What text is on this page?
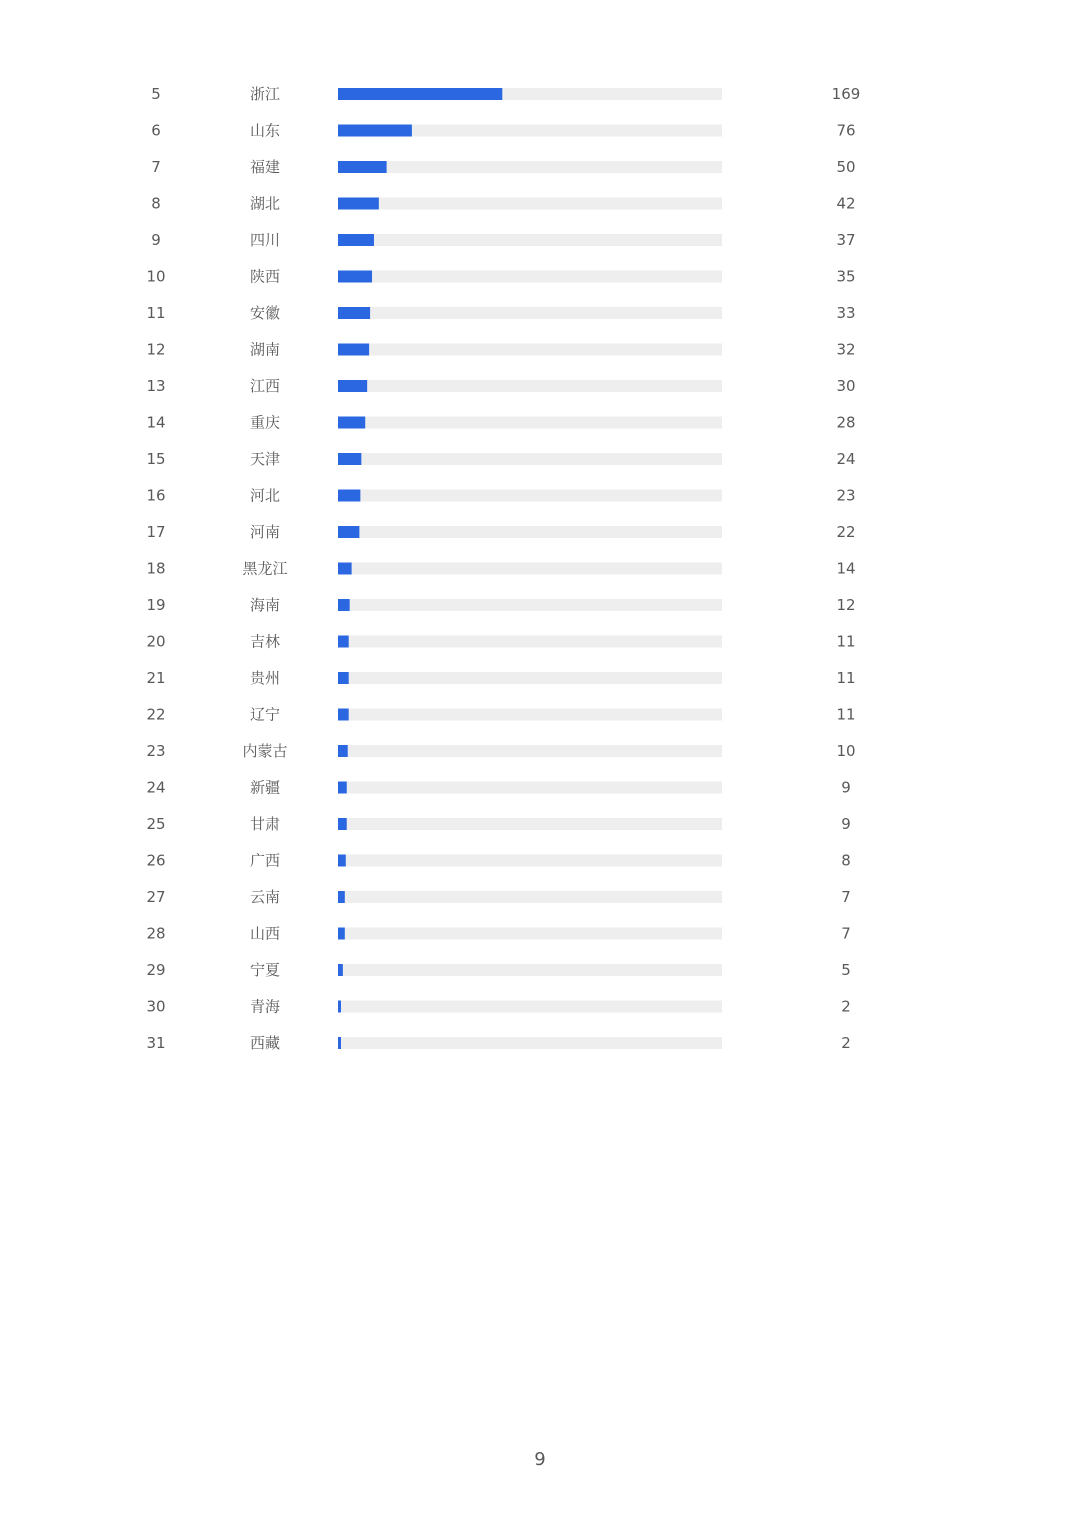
5	浙江	169
6	山东	76
7	福建	50
8	湖北	42
9	四川	37
10	陕西	35
11	安徽	33
12	湖南	32
13	江西	30
14	重庆	28
15	天津	24
16	河北	23
17	河南	22
18	黑龙江	14
19	海南	12
20	吉林	11
21	贵州	11
22	辽宁	11
23	内蒙古	10
24	新疆	9
25	甘肃	9
26	广西	8
27	云南	7
28	山西	7
29	宁夏	5
30	青海	2
31	西藏	2
9
